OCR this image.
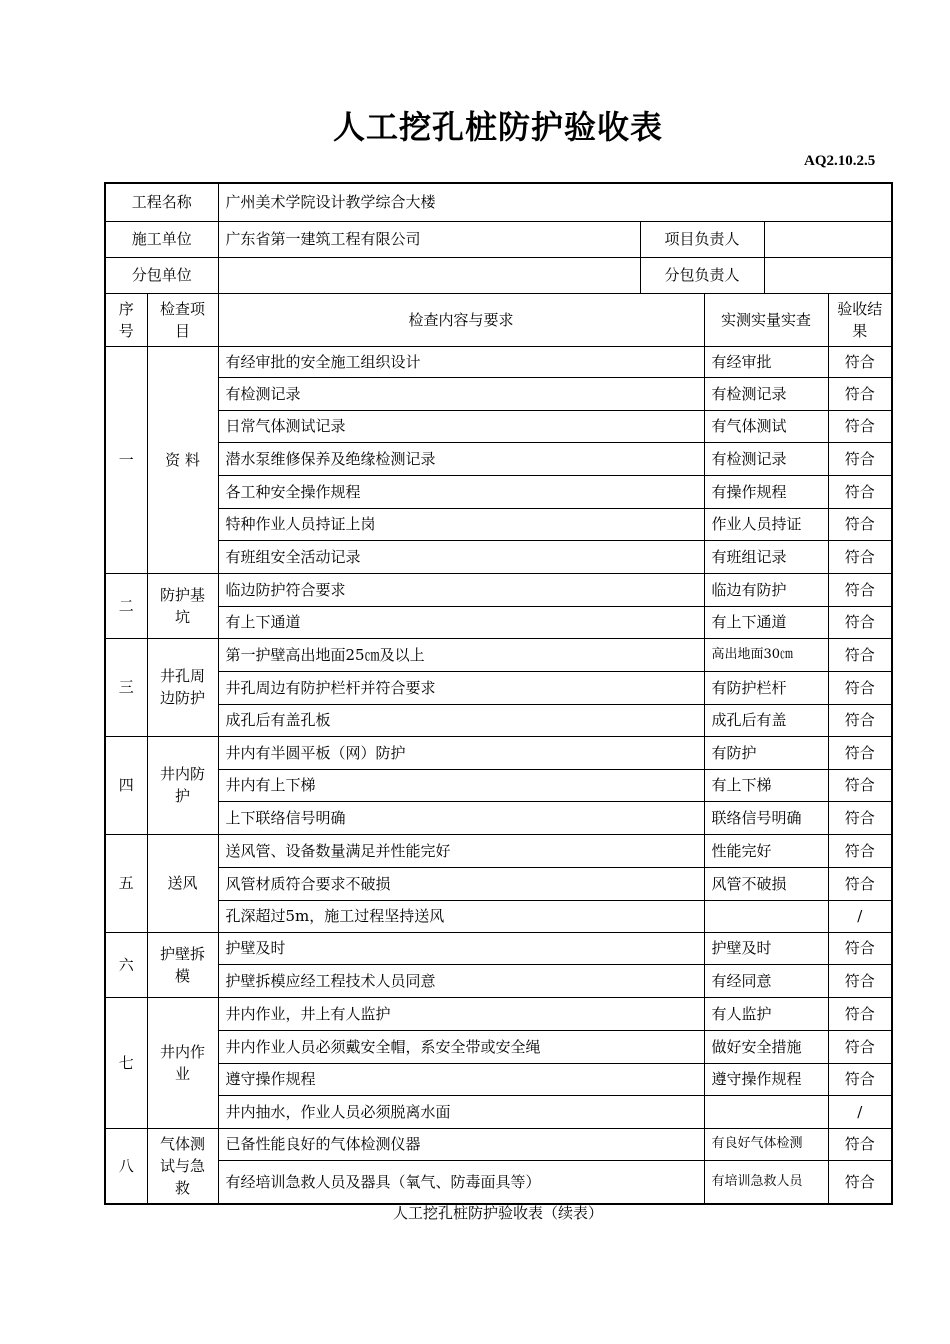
人工挖孔桩防护验收表
AQ2.10.2.5
工程名称		广州美术学院设计教学综合大楼				
施工单位		广东省第一建筑工程有限公司	项目负责人			
分包单位			分包负责人			
序号	检查项目	检查内容与要求		实测实量实查		验收结果
一	资 料	有经审批的安全施工组织设计		有经审批		符合
		有检测记录		有检测记录		符合
		日常气体测试记录		有气体测试		符合
		潜水泵维修保养及绝缘检测记录		有检测记录		符合
		各工种安全操作规程		有操作规程		符合
		特种作业人员持证上岗		作业人员持证		符合
		有班组安全活动记录		有班组记录		符合
二	防护基坑	临边防护符合要求		临边有防护		符合
		有上下通道		有上下通道		符合
三	井孔周边防护	第一护壁高出地面25㎝及以上		高出地面30㎝		符合
		井孔周边有防护栏杆并符合要求		有防护栏杆		符合
		成孔后有盖孔板		成孔后有盖		符合
四	井内防护	井内有半圆平板（网）防护		有防护		符合
		井内有上下梯		有上下梯		符合
		上下联络信号明确		联络信号明确		符合
五	送风	送风管、设备数量满足并性能完好		性能完好		符合
		风管材质符合要求不破损		风管不破损		符合
		孔深超过5m，施工过程坚持送风				/
六	护壁拆模	护壁及时		护壁及时		符合
		护壁拆模应经工程技术人员同意		有经同意		符合
七	井内作业	井内作业，井上有人监护		有人监护		符合
		井内作业人员必须戴安全帽，系安全带或安全绳		做好安全措施		符合
		遵守操作规程		遵守操作规程		符合
		井内抽水，作业人员必须脱离水面				/
八	气体测试与急救	已备性能良好的气体检测仪器		有良好气体检测		符合
		有经培训急救人员及器具（氧气、防毒面具等）		有培训急救人员		符合
人工挖孔桩防护验收表（续表）
